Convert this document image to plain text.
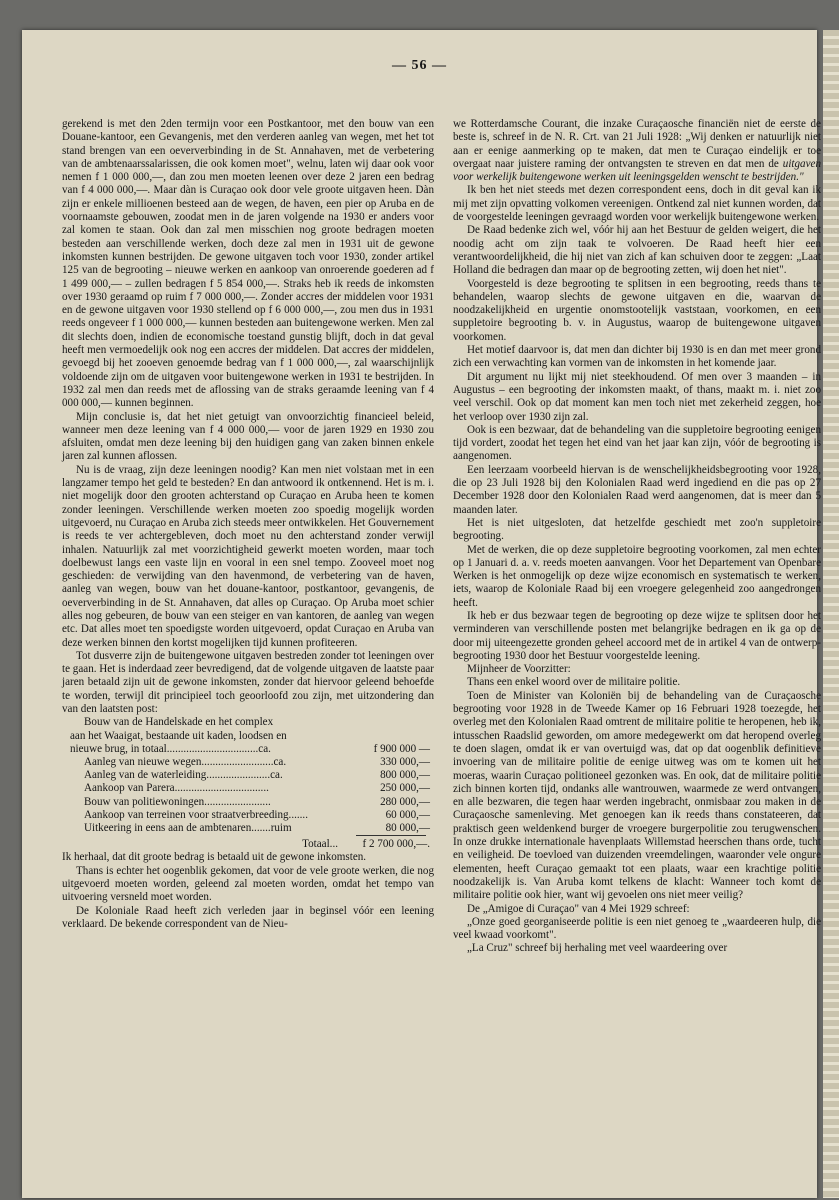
— 56 —

gerekend is met den 2den termijn voor een Postkantoor, met den bouw van een Douane-kantoor, een Gevangenis, met den verderen aanleg van wegen, met het tot stand brengen van een oeververbinding in de St. Annahaven, met de verbetering van de ambtenaarssalarissen, die ook komen moet", welnu, laten wij daar ook voor nemen f 1 000 000,—, dan zou men moeten leenen over deze 2 jaren een bedrag van f 4 000 000,—. Maar dàn is Curaçao ook door vele groote uitgaven heen. Dàn zijn er enkele millioenen besteed aan de wegen, de haven, een pier op Aruba en de voornaamste gebouwen, zoodat men in de jaren volgende na 1930 er anders voor zal komen te staan. Ook dan zal men misschien nog groote bedragen moeten besteden aan verschillende werken, doch deze zal men in 1931 uit de gewone inkomsten kunnen bestrijden. De gewone uitgaven toch voor 1930, zonder artikel 125 van de begrooting – nieuwe werken en aankoop van onroerende goederen ad f 1 499 000,— – zullen bedragen f 5 854 000,—. Straks heb ik reeds de inkomsten over 1930 geraamd op ruim f 7 000 000,—. Zonder accres der middelen voor 1931 en de gewone uitgaven voor 1930 stellend op f 6 000 000,—, zou men dus in 1931 reeds ongeveer f 1 000 000,— kunnen besteden aan buitengewone werken. Men zal dit slechts doen, indien de economische toestand gunstig blijft, doch in dat geval heeft men vermoedelijk ook nog een accres der middelen. Dat accres der middelen, gevoegd bij het zooeven genoemde bedrag van f 1 000 000,—, zal waarschijnlijk voldoende zijn om de uitgaven voor buitengewone werken in 1931 te bestrijden. In 1932 zal men dan reeds met de aflossing van de straks geraamde leening van f 4 000 000,— kunnen beginnen.

Mijn conclusie is, dat het niet getuigt van onvoorzichtig financieel beleid, wanneer men deze leening van f 4 000 000,— voor de jaren 1929 en 1930 zou afsluiten, omdat men deze leening bij den huidigen gang van zaken binnen enkele jaren zal kunnen aflossen.

Nu is de vraag, zijn deze leeningen noodig? Kan men niet volstaan met in een langzamer tempo het geld te besteden? En dan antwoord ik ontkennend. Het is m. i. niet mogelijk door den grooten achterstand op Curaçao en Aruba heen te komen zonder leeningen. Verschillende werken moeten zoo spoedig mogelijk worden uitgevoerd, nu Curaçao en Aruba zich steeds meer ontwikkelen. Het Gouvernement is reeds te ver achtergebleven, doch moet nu den achterstand zonder verwijl inhalen. Natuurlijk zal met voorzichtigheid gewerkt moeten worden, maar toch doelbewust langs een vaste lijn en vooral in een snel tempo. Zooveel moet nog geschieden: de verwijding van den havenmond, de verbetering van de haven, aanleg van wegen, bouw van het douane-kantoor, postkantoor, gevangenis, de oeververbinding in de St. Annahaven, dat alles op Curaçao. Op Aruba moet schier alles nog gebeuren, de bouw van een steiger en van kantoren, de aanleg van wegen etc. Dat alles moet ten spoedigste worden uitgevoerd, opdat Curaçao en Aruba van deze werken binnen den kortst mogelijken tijd kunnen profiteeren.

Tot dusverre zijn de buitengewone uitgaven bestreden zonder tot leeningen over te gaan. Het is inderdaad zeer bevredigend, dat de volgende uitgaven de laatste paar jaren betaald zijn uit de gewone inkomsten, zonder dat hiervoor geleend behoefde te worden, terwijl dit principieel toch geoorloofd zou zijn, met uitzondering dan van den laatsten post:

Bouw van de Handelskade en het complex		
aan het Waaigat, bestaande uit kaden, loodsen en		
nieuwe brug, in totaal.................................ca.		f 900 000 —
Aanleg van nieuwe wegen..........................ca.		330 000,—
Aanleg van de waterleiding.......................ca.		800 000,—
Aankoop van Parera..................................		250 000,—
Bouw van politiewoningen........................		280 000,—
Aankoop van terreinen voor straatverbreeding.......		60 000,—
Uitkeering in eens aan de ambtenaren.......ruim		80 000,—

Totaal...		f 2 700 000,—.

Ik herhaal, dat dit groote bedrag is betaald uit de gewone inkomsten.

Thans is echter het oogenblik gekomen, dat voor de vele groote werken, die nog uitgevoerd moeten worden, geleend zal moeten worden, omdat het tempo van uitvoering versneld moet worden.

De Koloniale Raad heeft zich verleden jaar in beginsel vóór een leening verklaard. De bekende correspondent van de Nieu-

we Rotterdamsche Courant, die inzake Curaçaosche financiën niet de eerste de beste is, schreef in de N. R. Crt. van 21 Juli 1928: „Wij denken er natuurlijk niet aan er eenige aanmerking op te maken, dat men te Curaçao eindelijk er toe overgaat naar juistere raming der ontvangsten te streven en dat men de uitgaven voor werkelijk buitengewone werken uit leeningsgelden wenscht te bestrijden."

Ik ben het niet steeds met dezen correspondent eens, doch in dit geval kan ik mij met zijn opvatting volkomen vereenigen. Ontkend zal niet kunnen worden, dat de voorgestelde leeningen gevraagd worden voor werkelijk buitengewone werken.

De Raad bedenke zich wel, vóór hij aan het Bestuur de gelden weigert, die het noodig acht om zijn taak te volvoeren. De Raad heeft hier een verantwoordelijkheid, die hij niet van zich af kan schuiven door te zeggen: „Laat Holland die bedragen dan maar op de begrooting zetten, wij doen het niet".

Voorgesteld is deze begrooting te splitsen in een begrooting, reeds thans te behandelen, waarop slechts de gewone uitgaven en die, waarvan de noodzakelijkheid en urgentie onomstootelijk vaststaan, voorkomen, en een suppletoire begrooting b. v. in Augustus, waarop de buitengewone uitgaven voorkomen.

Het motief daarvoor is, dat men dan dichter bij 1930 is en dan met meer grond zich een verwachting kan vormen van de inkomsten in het komende jaar.

Dit argument nu lijkt mij niet steekhoudend. Of men over 3 maanden – in Augustus – een begrooting der inkomsten maakt, of thans, maakt m. i. niet zoo veel verschil. Ook op dat moment kan men toch niet met zekerheid zeggen, hoe het verloop over 1930 zijn zal.

Ook is een bezwaar, dat de behandeling van die suppletoire begrooting eenigen tijd vordert, zoodat het tegen het eind van het jaar kan zijn, vóór de begrooting is aangenomen.

Een leerzaam voorbeeld hiervan is de wenschelijkheidsbegrooting voor 1928, die op 23 Juli 1928 bij den Kolonialen Raad werd ingediend en die pas op 27 December 1928 door den Kolonialen Raad werd aangenomen, dat is meer dan 5 maanden later.

Het is niet uitgesloten, dat hetzelfde geschiedt met zoo'n suppletoire begrooting.

Met de werken, die op deze suppletoire begrooting voorkomen, zal men echter op 1 Januari d. a. v. reeds moeten aanvangen. Voor het Departement van Openbare Werken is het onmogelijk op deze wijze economisch en systematisch te werken, iets, waarop de Koloniale Raad bij een vroegere gelegenheid zoo aangedrongen heeft.

Ik heb er dus bezwaar tegen de begrooting op deze wijze te splitsen door het verminderen van verschillende posten met belangrijke bedragen en ik ga op de door mij uiteengezette gronden geheel accoord met de in artikel 4 van de ontwerp-begrooting 1930 door het Bestuur voorgestelde leening.

Mijnheer de Voorzitter:

Thans een enkel woord over de militaire politie.

Toen de Minister van Koloniën bij de behandeling van de Curaçaosche begrooting voor 1928 in de Tweede Kamer op 16 Februari 1928 toezegde, het overleg met den Kolonialen Raad omtrent de militaire politie te heropenen, heb ik, intusschen Raadslid geworden, om amore medegewerkt om dat heropend overleg te doen slagen, omdat ik er van overtuigd was, dat op dat oogenblik definitieve invoering van de militaire politie de eenige uitweg was om te komen uit het moeras, waarin Curaçao politioneel gezonken was. En ook, dat de militaire politie zich binnen korten tijd, ondanks alle wantrouwen, waarmede ze werd ontvangen, en alle bezwaren, die tegen haar werden ingebracht, onmisbaar zou maken in de Curaçaosche samenleving. Met genoegen kan ik reeds thans constateeren, dat praktisch geen weldenkend burger de vroegere burgerpolitie zou terugwenschen. In onze drukke internationale havenplaats Willemstad heerschen thans orde, tucht en veiligheid. De toevloed van duizenden vreemdelingen, waaronder vele ongure elementen, heeft Curaçao gemaakt tot een plaats, waar een krachtige politie noodzakelijk is. Van Aruba komt telkens de klacht: Wanneer toch komt de militaire politie ook hier, want wij gevoelen ons niet meer veilig?

De „Amigoe di Curaçao" van 4 Mei 1929 schreef:

„Onze goed georganiseerde politie is een niet genoeg te „waardeeren hulp, die veel kwaad voorkomt".

„La Cruz" schreef bij herhaling met veel waardeering over
